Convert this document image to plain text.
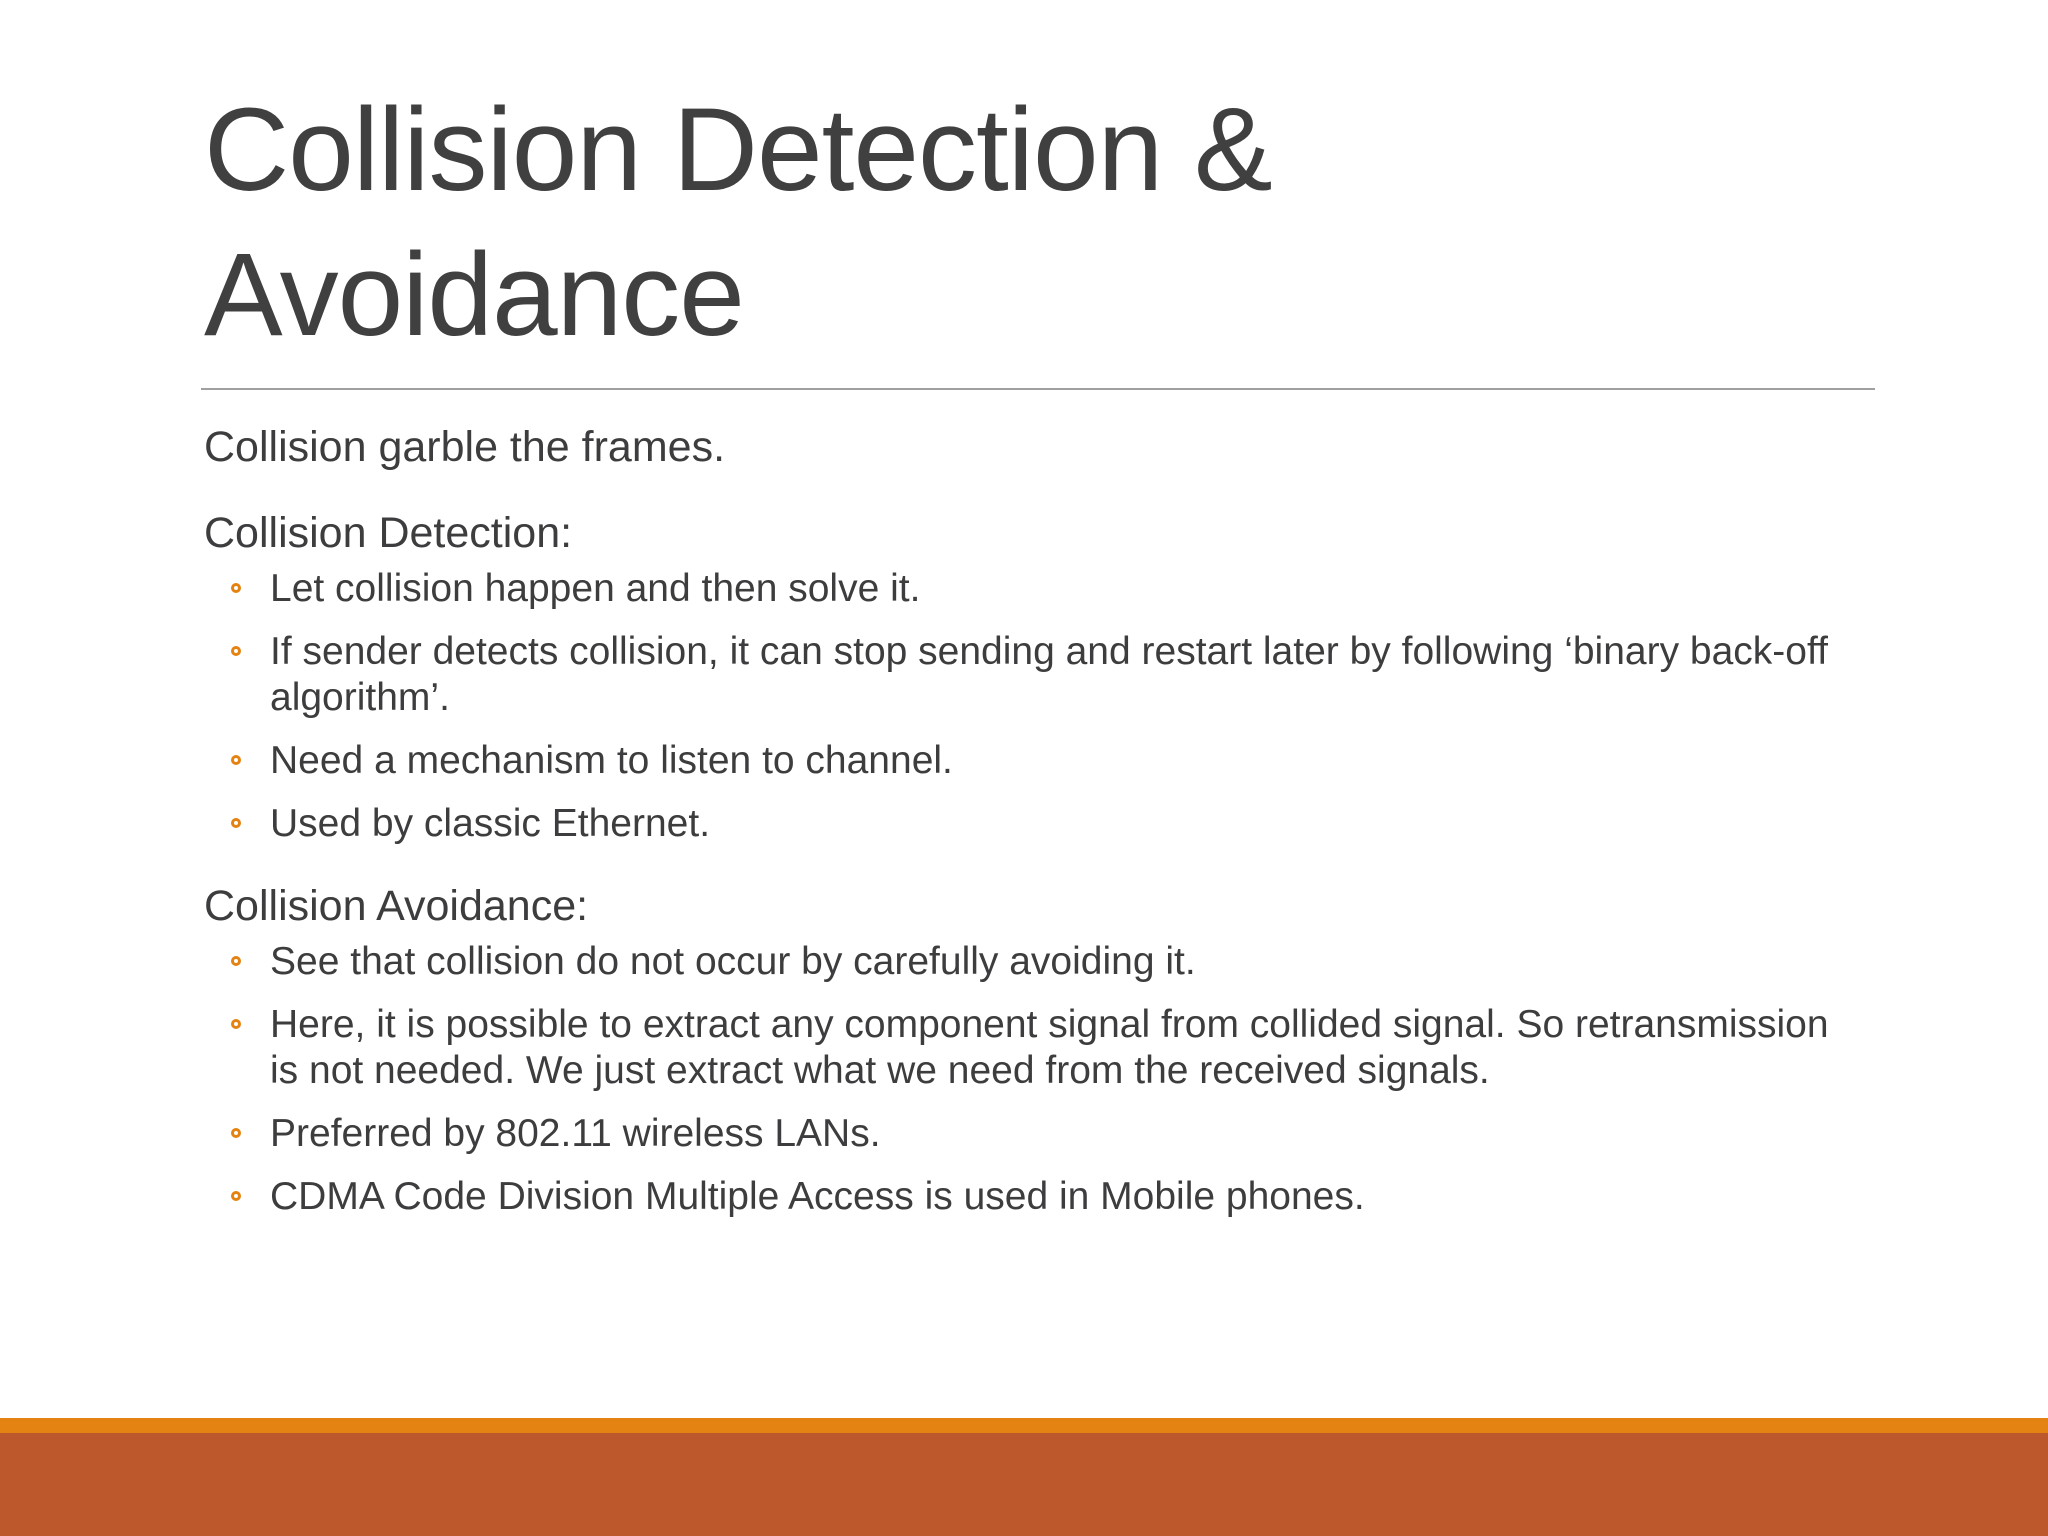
Collision Detection &
Avoidance

Collision garble the frames.

Collision Detection:

Let collision happen and then solve it.
If sender detects collision, it can stop sending and restart later by following ‘binary back-off algorithm’.
Need a mechanism to listen to channel.
Used by classic Ethernet.

Collision Avoidance:

See that collision do not occur by carefully avoiding it.
Here, it is possible to extract any component signal from collided signal. So retransmission is not needed. We just extract what we need from the received signals.
Preferred by 802.11 wireless LANs.
CDMA Code Division Multiple Access is used in Mobile phones.
